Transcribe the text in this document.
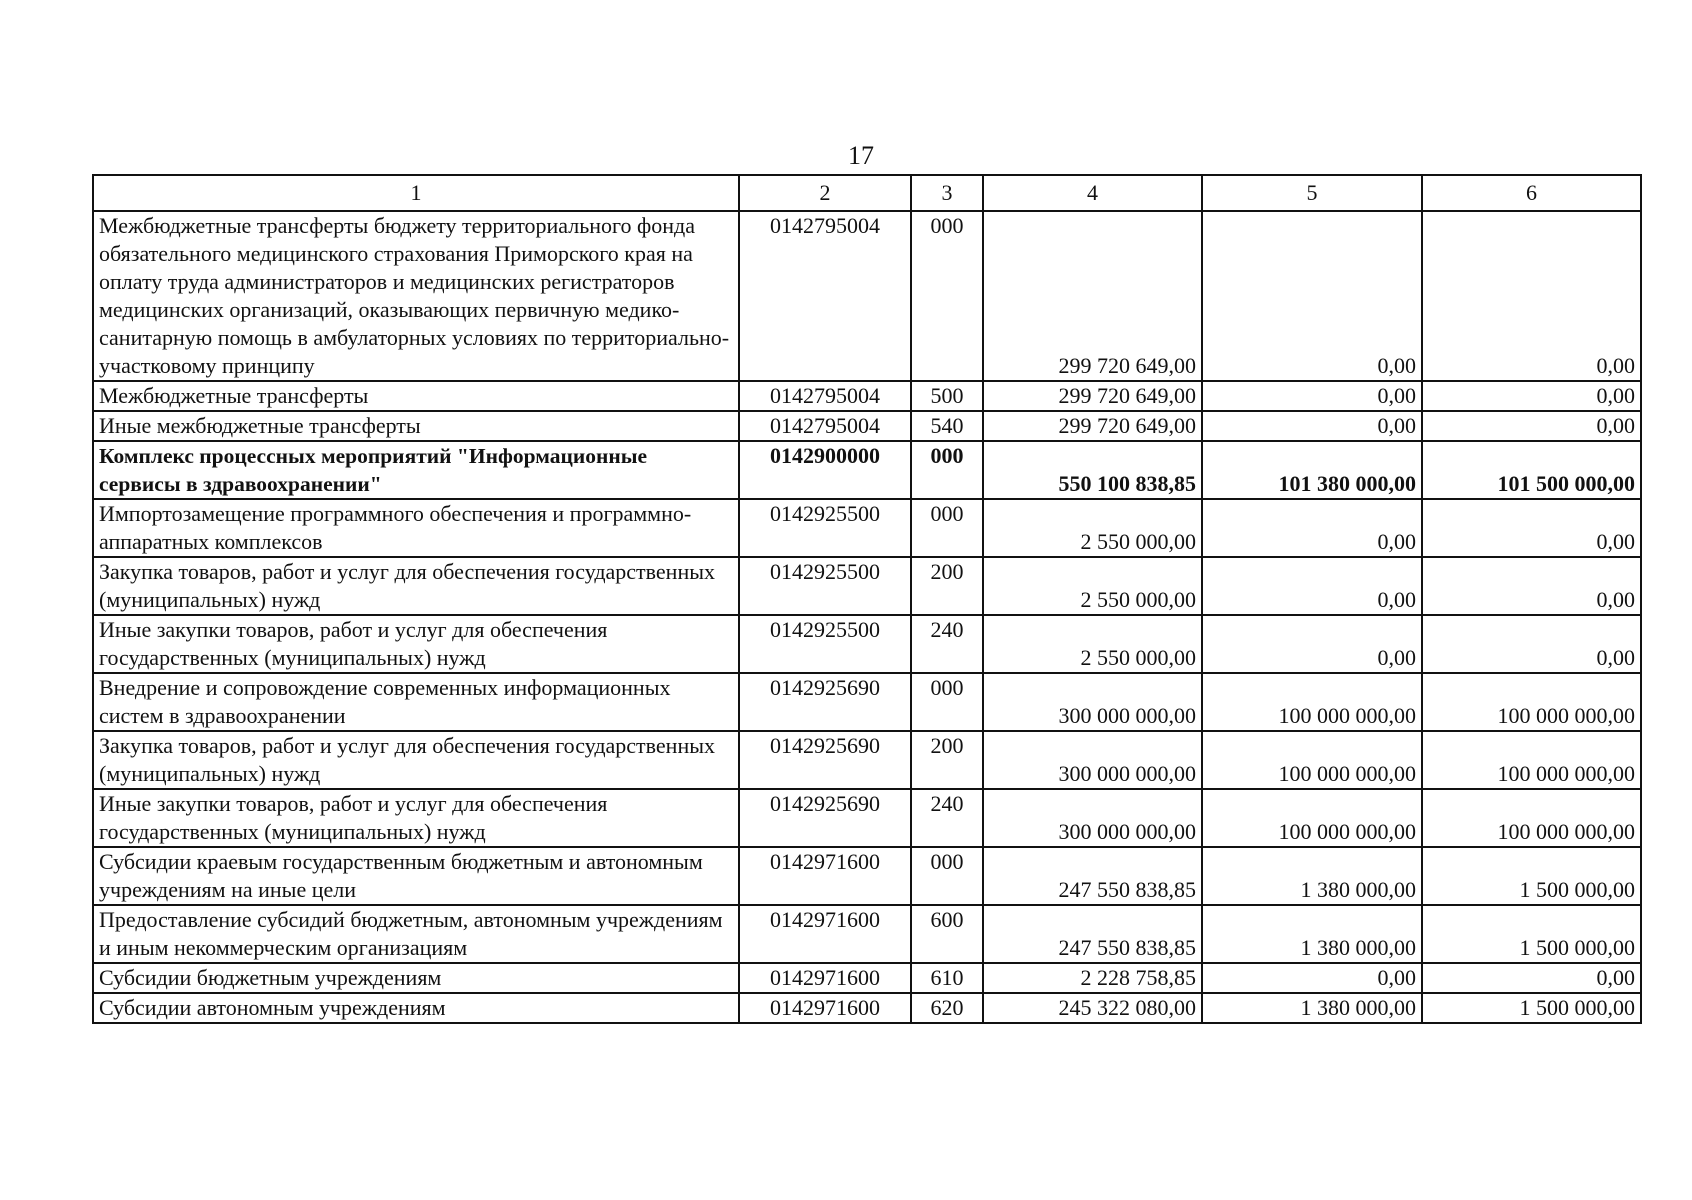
17
1	2	3	4	5	6
Межбюджетные трансферты бюджету территориального фонда обязательного медицинского страхования Приморского края на оплату труда администраторов и медицинских регистраторов медицинских организаций, оказывающих первичную медико-санитарную помощь в амбулаторных условиях по территориально-участковому принципу	0142795004	000	299 720 649,00	0,00	0,00
Межбюджетные трансферты	0142795004	500	299 720 649,00	0,00	0,00
Иные межбюджетные трансферты	0142795004	540	299 720 649,00	0,00	0,00
Комплекс процессных мероприятий "Информационные сервисы в здравоохранении"	0142900000	000	550 100 838,85	101 380 000,00	101 500 000,00
Импортозамещение программного обеспечения и программно-аппаратных комплексов	0142925500	000	2 550 000,00	0,00	0,00
Закупка товаров, работ и услуг для обеспечения государственных (муниципальных) нужд	0142925500	200	2 550 000,00	0,00	0,00
Иные закупки товаров, работ и услуг для обеспечения государственных (муниципальных) нужд	0142925500	240	2 550 000,00	0,00	0,00
Внедрение и сопровождение современных информационных систем в здравоохранении	0142925690	000	300 000 000,00	100 000 000,00	100 000 000,00
Закупка товаров, работ и услуг для обеспечения государственных (муниципальных) нужд	0142925690	200	300 000 000,00	100 000 000,00	100 000 000,00
Иные закупки товаров, работ и услуг для обеспечения государственных (муниципальных) нужд	0142925690	240	300 000 000,00	100 000 000,00	100 000 000,00
Субсидии краевым государственным бюджетным и автономным учреждениям на иные цели	0142971600	000	247 550 838,85	1 380 000,00	1 500 000,00
Предоставление субсидий бюджетным, автономным учреждениям и иным некоммерческим организациям	0142971600	600	247 550 838,85	1 380 000,00	1 500 000,00
Субсидии бюджетным учреждениям	0142971600	610	2 228 758,85	0,00	0,00
Субсидии автономным учреждениям	0142971600	620	245 322 080,00	1 380 000,00	1 500 000,00
